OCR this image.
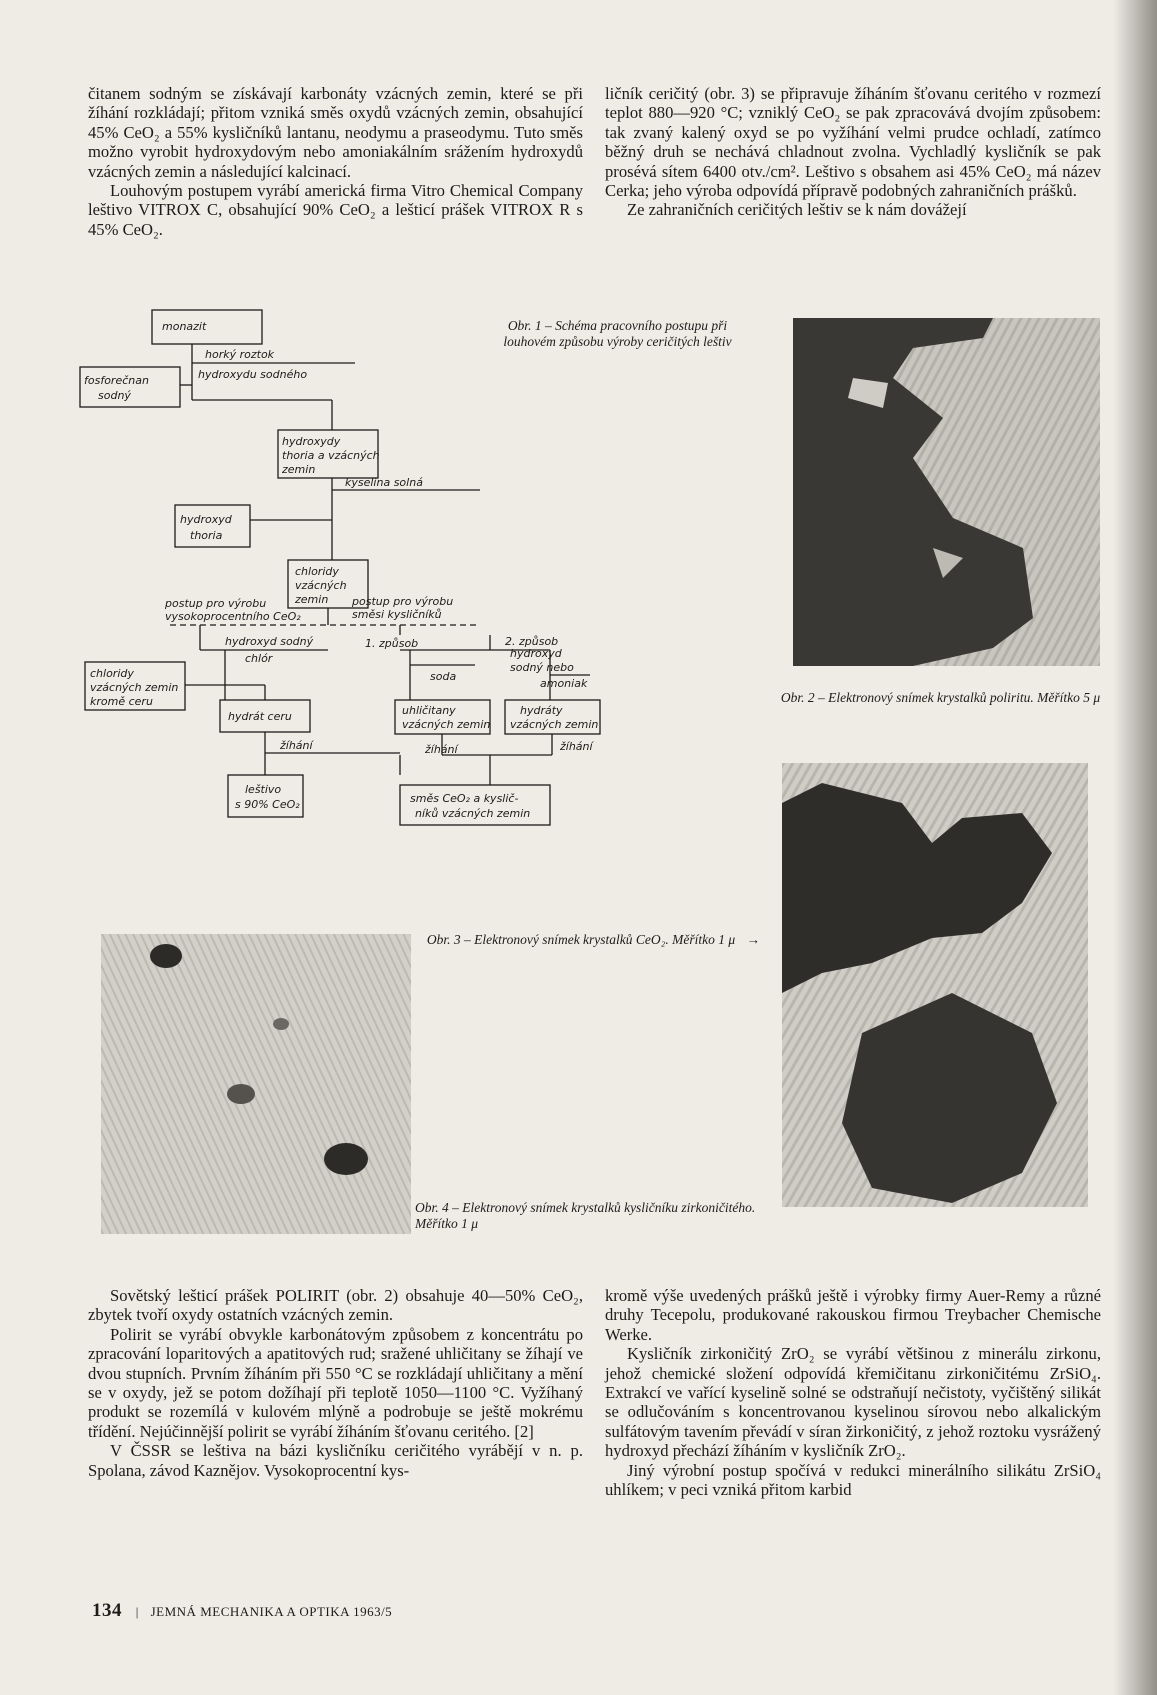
čitanem sodným se získávají karbonáty vzácných zemin, které se při žíhání rozkládají; přitom vzniká směs oxydů vzácných zemin, obsahující 45% CeO₂ a 55% kysličníků lantanu, neodymu a praseodymu. Tuto směs možno vyrobit hydroxydovým nebo amoniakálním srážením hydroxydů vzácných zemin a následující kalcinací.

Louhovým postupem vyrábí americká firma Vitro Chemical Company leštivo VITROX C, obsahující 90% CeO₂ a lešticí prášek VITROX R s 45% CeO₂.

ličník ceričitý (obr. 3) se připravuje žíháním šťovanu ceritého v rozmezí teplot 880—920 °C; vzniklý CeO₂ se pak zpracovává dvojím způsobem: tak zvaný kalený oxyd se po vyžíhání velmi prudce ochladí, zatímco běžný druh se nechává chladnout zvolna. Vychladlý kysličník se pak prosévá sítem 6400 otv./cm². Leštivo s obsahem asi 45% CeO₂ má název Cerka; jeho výroba odpovídá přípravě podobných zahraničních prášků.

Ze zahraničních ceričitých leštiv se k nám dovážejí

monazit
horký roztok
hydroxydu sodného
fosforečnan
sodný
hydroxydy
thoria a vzácných
zemin
kyselina solná
hydroxyd
thoria
chloridy
vzácných
zemin
postup pro výrobu
vysokoprocentního CeO₂
postup pro výrobu
směsi kysličníků
hydroxyd sodný
chlór
1. způsob	2. způsob
chloridy
vzácných zemin
kromě ceru
soda
hydroxyd
sodný nebo
amoniak
hydrát ceru	uhličitany
vzácných zemin
hydráty
vzácných zemin
žíhání	žíhání	žíhání
leštivo
s 90% CeO₂	směs CeO₂ a kyslič-
níků vzácných zemin
Obr. 1 – Schéma pracovního postupu při louhovém způsobu výroby ceričitých leštiv
Obr. 2 – Elektronový snímek krystalků poliritu. Měřítko 5 μ
Obr. 3 – Elektronový snímek krystalků CeO₂. Měřítko 1 μ →
Obr. 4 – Elektronový snímek krystalků kysličníku zirkoničitého. Měřítko 1 μ

Sovětský lešticí prášek POLIRIT (obr. 2) obsahuje 40—50% CeO₂, zbytek tvoří oxydy ostatních vzácných zemin.

Polirit se vyrábí obvykle karbonátovým způsobem z koncentrátu po zpracování loparitových a apatitových rud; sražené uhličitany se žíhají ve dvou stupních. Prvním žíháním při 550 °C se rozkládají uhličitany a mění se v oxydy, jež se potom dožíhají při teplotě 1050—1100 °C. Vyžíhaný produkt se rozemílá v kulovém mlýně a podrobuje se ještě mokrému třídění. Nejúčinnější polirit se vyrábí žíháním šťovanu ceritého. [2]

V ČSSR se leštiva na bázi kysličníku ceričitého vyrábějí v n. p. Spolana, závod Kaznějov. Vysokoprocentní kys-

kromě výše uvedených prášků ještě i výrobky firmy Auer-Remy a různé druhy Tecepolu, produkované rakouskou firmou Treybacher Chemische Werke.

Kysličník zirkoničitý ZrO₂ se vyrábí většinou z minerálu zirkonu, jehož chemické složení odpovídá křemičitanu zirkoničitému ZrSiO₄. Extrakcí ve vařící kyselině solné se odstraňují nečistoty, vyčištěný silikát se odlučováním s koncentrovanou kyselinou sírovou nebo alkalickým sulfátovým tavením převádí v síran žirkoničitý, z jehož roztoku vysrážený hydroxyd přechází žíháním v kysličník ZrO₂.

Jiný výrobní postup spočívá v redukci minerálního silikátu ZrSiO₄ uhlíkem; v peci vzniká přitom karbid

134 | JEMNÁ MECHANIKA A OPTIKA 1963/5
